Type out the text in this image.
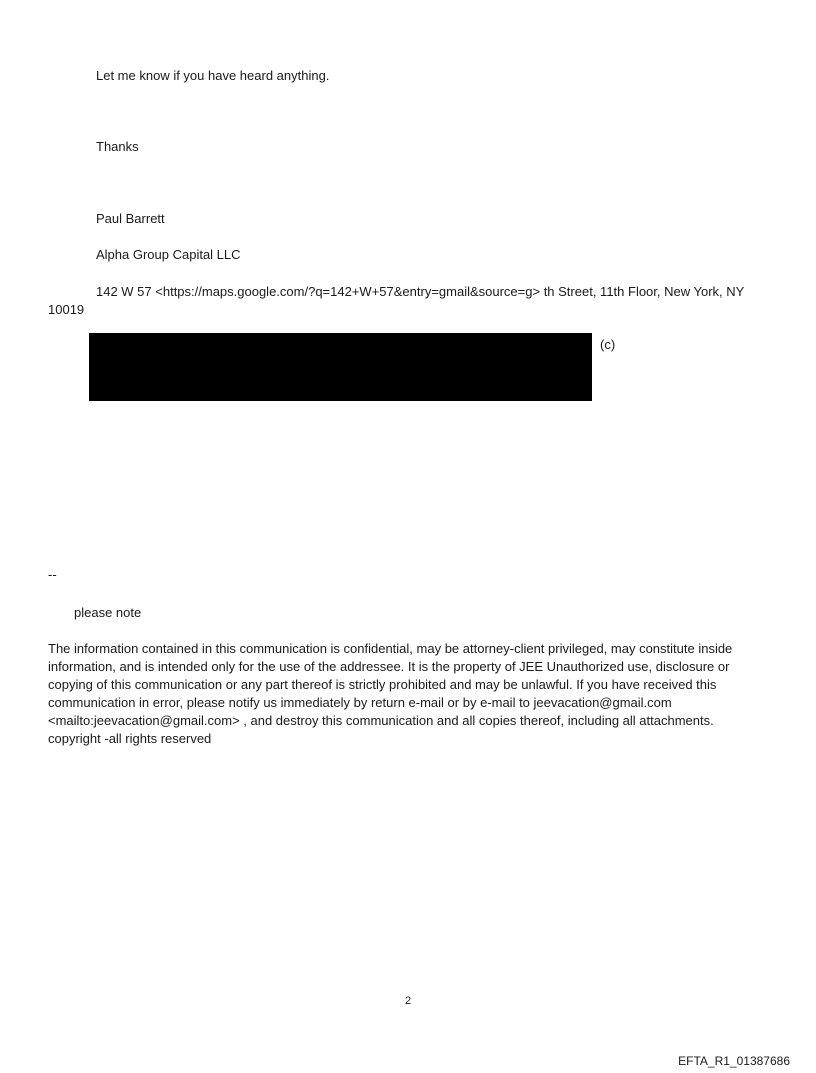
Let me know if you have heard anything.
Thanks
Paul Barrett
Alpha Group Capital LLC
142 W 57 <https://maps.google.com/?q=142+W+57&entry=gmail&source=g> th Street, 11th Floor, New York, NY 10019
(c)
--
please note
The information contained in this communication is confidential, may be attorney-client privileged, may constitute inside information, and is intended only for the use of the addressee. It is the property of JEE Unauthorized use, disclosure or copying of this communication or any part thereof is strictly prohibited and may be unlawful. If you have received this communication in error, please notify us immediately by return e-mail or by e-mail to jeevacation@gmail.com <mailto:jeevacation@gmail.com> , and destroy this communication and all copies thereof, including all attachments. copyright -all rights reserved
2
EFTA_R1_01387686
